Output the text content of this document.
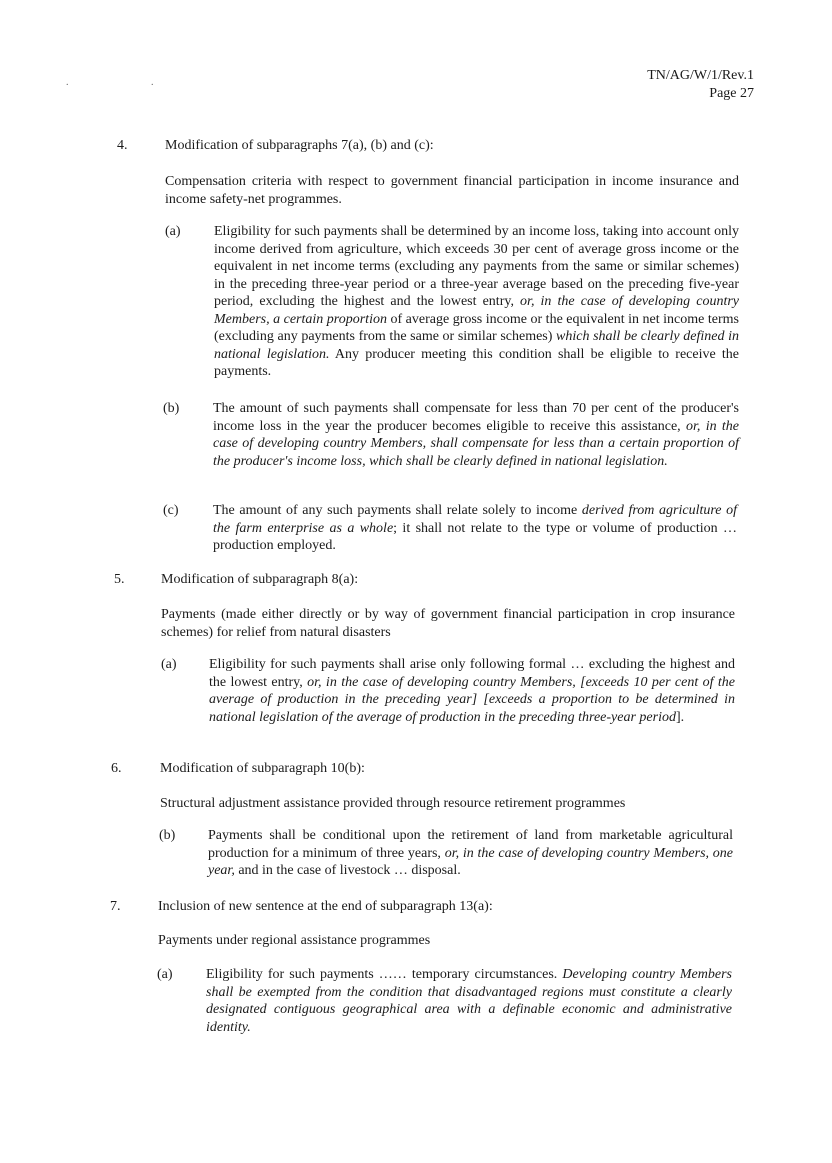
. .	TN/AG/W/1/Rev.1
Page 27
4.	Modification of subparagraphs 7(a), (b) and (c):
Compensation criteria with respect to government financial participation in income insurance and income safety-net programmes.
(a) Eligibility for such payments shall be determined by an income loss, taking into account only income derived from agriculture, which exceeds 30 per cent of average gross income or the equivalent in net income terms (excluding any payments from the same or similar schemes) in the preceding three-year period or a three-year average based on the preceding five-year period, excluding the highest and the lowest entry, or, in the case of developing country Members, a certain proportion of average gross income or the equivalent in net income terms (excluding any payments from the same or similar schemes) which shall be clearly defined in national legislation. Any producer meeting this condition shall be eligible to receive the payments.
(b) The amount of such payments shall compensate for less than 70 per cent of the producer's income loss in the year the producer becomes eligible to receive this assistance, or, in the case of developing country Members, shall compensate for less than a certain proportion of the producer's income loss, which shall be clearly defined in national legislation.
(c) The amount of any such payments shall relate solely to income derived from agriculture of the farm enterprise as a whole; it shall not relate to the type or volume of production … production employed.
5.	Modification of subparagraph 8(a):
Payments (made either directly or by way of government financial participation in crop insurance schemes) for relief from natural disasters
(a) Eligibility for such payments shall arise only following formal … excluding the highest and the lowest entry, or, in the case of developing country Members, [exceeds 10 per cent of the average of production in the preceding year] [exceeds a proportion to be determined in national legislation of the average of production in the preceding three-year period].
6.	Modification of subparagraph 10(b):
Structural adjustment assistance provided through resource retirement programmes
(b) Payments shall be conditional upon the retirement of land from marketable agricultural production for a minimum of three years, or, in the case of developing country Members, one year, and in the case of livestock … disposal.
7.	Inclusion of new sentence at the end of subparagraph 13(a):
Payments under regional assistance programmes
(a) Eligibility for such payments …… temporary circumstances. Developing country Members shall be exempted from the condition that disadvantaged regions must constitute a clearly designated contiguous geographical area with a definable economic and administrative identity.
